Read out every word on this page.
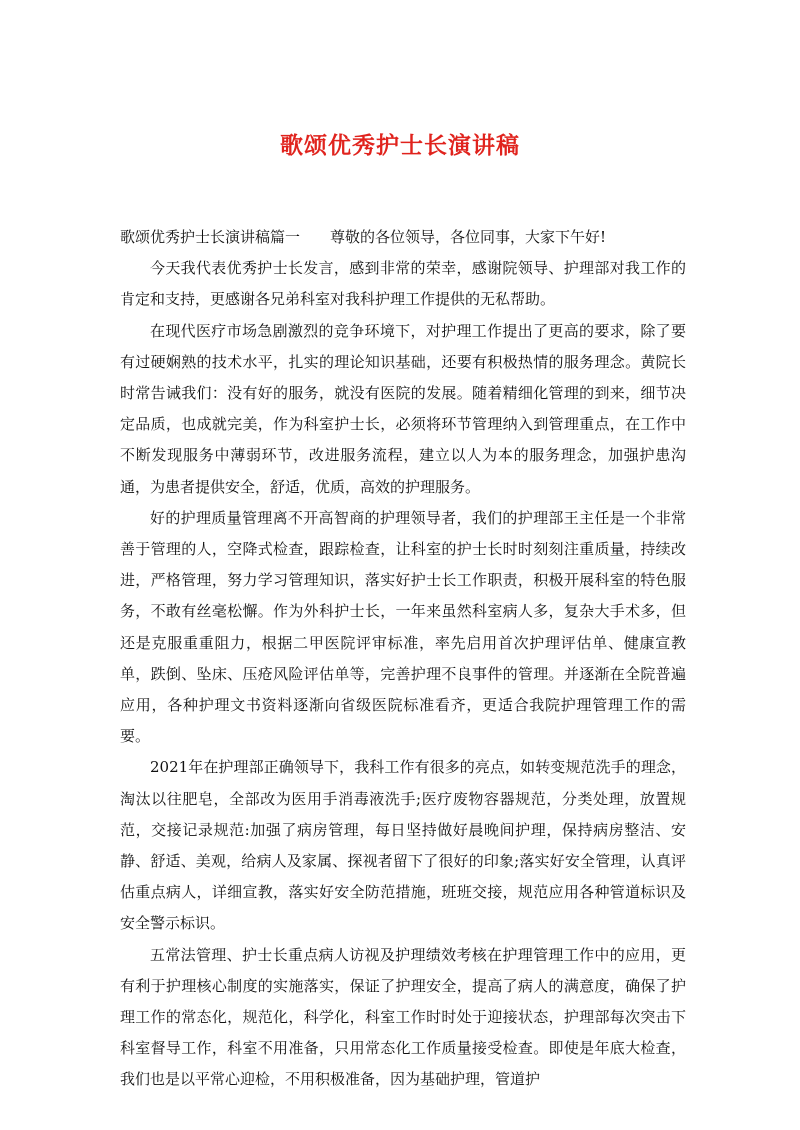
歌颂优秀护士长演讲稿

歌颂优秀护士长演讲稿篇一 尊敬的各位领导，各位同事，大家下午好!

今天我代表优秀护士长发言，感到非常的荣幸，感谢院领导、护理部对我工作的肯定和支持，更感谢各兄弟科室对我科护理工作提供的无私帮助。

在现代医疗市场急剧激烈的竞争环境下，对护理工作提出了更高的要求，除了要有过硬娴熟的技术水平，扎实的理论知识基础，还要有积极热情的服务理念。黄院长时常告诫我们：没有好的服务，就没有医院的发展。随着精细化管理的到来，细节决定品质，也成就完美，作为科室护士长，必须将环节管理纳入到管理重点，在工作中不断发现服务中薄弱环节，改进服务流程，建立以人为本的服务理念，加强护患沟通，为患者提供安全，舒适，优质，高效的护理服务。

好的护理质量管理离不开高智商的护理领导者，我们的护理部王主任是一个非常善于管理的人，空降式检查，跟踪检查，让科室的护士长时时刻刻注重质量，持续改进，严格管理，努力学习管理知识，落实好护士长工作职责，积极开展科室的特色服务，不敢有丝毫松懈。作为外科护士长，一年来虽然科室病人多，复杂大手术多，但还是克服重重阻力，根据二甲医院评审标准，率先启用首次护理评估单、健康宣教单，跌倒、坠床、压疮风险评估单等，完善护理不良事件的管理。并逐渐在全院普遍应用，各种护理文书资料逐渐向省级医院标准看齐，更适合我院护理管理工作的需要。

2021年在护理部正确领导下，我科工作有很多的亮点，如转变规范洗手的理念，淘汰以往肥皂，全部改为医用手消毒液洗手;医疗废物容器规范，分类处理，放置规范，交接记录规范:加强了病房管理，每日坚持做好晨晚间护理，保持病房整洁、安静、舒适、美观，给病人及家属、探视者留下了很好的印象;落实好安全管理，认真评估重点病人，详细宣教，落实好安全防范措施，班班交接，规范应用各种管道标识及安全警示标识。

五常法管理、护士长重点病人访视及护理绩效考核在护理管理工作中的应用，更有利于护理核心制度的实施落实，保证了护理安全，提高了病人的满意度，确保了护理工作的常态化，规范化，科学化，科室工作时时处于迎接状态，护理部每次突击下科室督导工作，科室不用准备，只用常态化工作质量接受检查。即使是年底大检查，我们也是以平常心迎检，不用积极准备，因为基础护理，管道护
